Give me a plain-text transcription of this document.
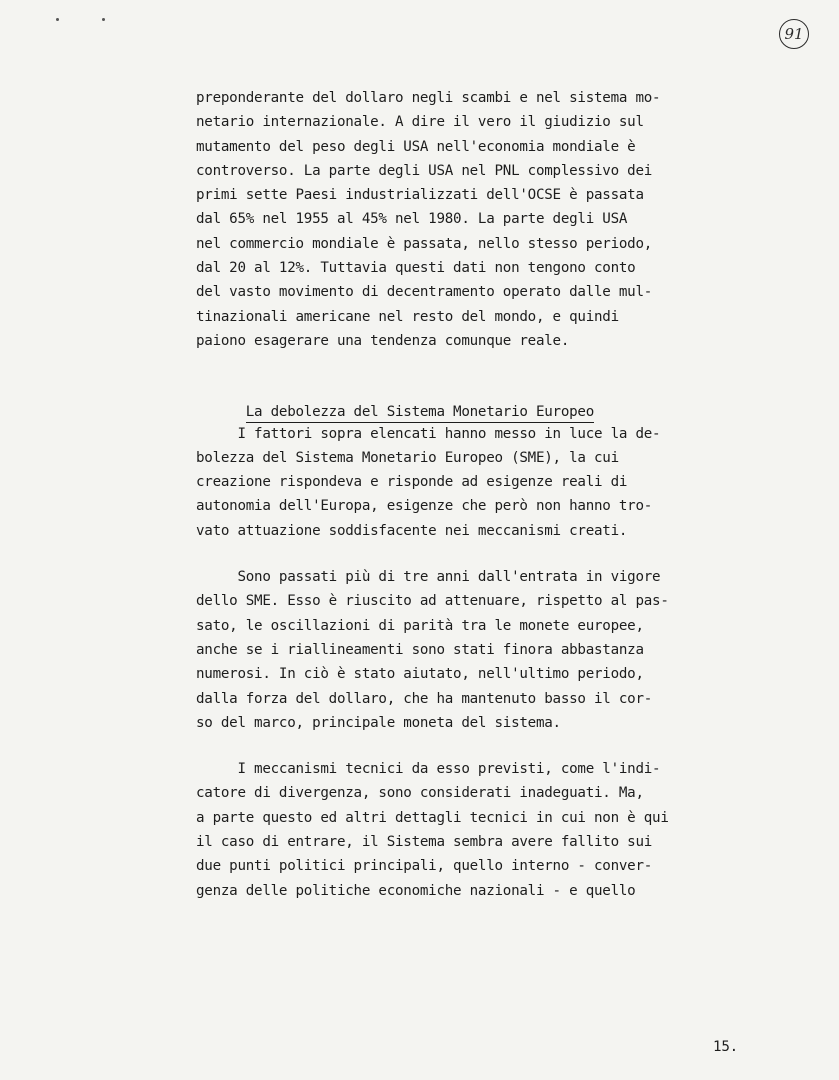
91
preponderante del dollaro negli scambi e nel sistema mo-
netario internazionale. A dire il vero il giudizio sul
mutamento del peso degli USA nell'economia mondiale è
controverso. La parte degli USA nel PNL complessivo dei
primi sette Paesi industrializzati dell'OCSE è passata
dal 65% nel 1955 al 45% nel 1980. La parte degli USA
nel commercio mondiale è passata, nello stesso periodo,
dal 20 al 12%. Tuttavia questi dati non tengono conto
del vasto movimento di decentramento operato dalle mul-
tinazionali americane nel resto del mondo, e quindi
paiono esagerare una tendenza comunque reale.

La debolezza del Sistema Monetario Europeo

I fattori sopra elencati hanno messo in luce la de-
bolezza del Sistema Monetario Europeo (SME), la cui
creazione rispondeva e risponde ad esigenze reali di
autonomia dell'Europa, esigenze che però non hanno tro-
vato attuazione soddisfacente nei meccanismi creati.
Sono passati più di tre anni dall'entrata in vigore
dello SME. Esso è riuscito ad attenuare, rispetto al pas-
sato, le oscillazioni di parità tra le monete europee,
anche se i riallineamenti sono stati finora abbastanza
numerosi. In ciò è stato aiutato, nell'ultimo periodo,
dalla forza del dollaro, che ha mantenuto basso il cor-
so del marco, principale moneta del sistema.
I meccanismi tecnici da esso previsti, come l'indi-
catore di divergenza, sono considerati inadeguati. Ma,
a parte questo ed altri dettagli tecnici in cui non è qui
il caso di entrare, il Sistema sembra avere fallito sui
due punti politici principali, quello interno - conver-
genza delle politiche economiche nazionali - e quello
15.
